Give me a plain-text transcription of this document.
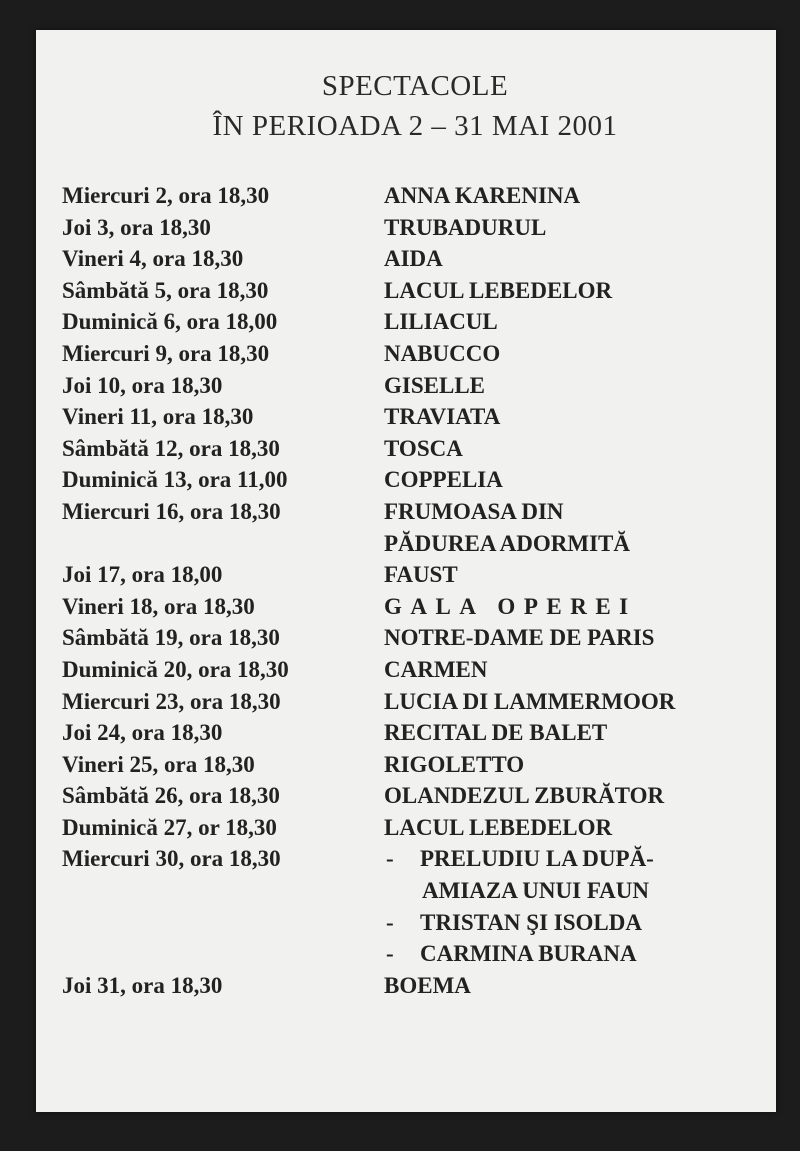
SPECTACOLE
ÎN PERIOADA 2 – 31 MAI 2001
Miercuri 2, ora 18,30
Joi 3, ora 18,30
Vineri 4, ora 18,30
Sâmbătă 5, ora 18,30
Duminică 6, ora 18,00
Miercuri 9, ora 18,30
Joi 10, ora 18,30
Vineri 11, ora 18,30
Sâmbătă 12, ora 18,30
Duminică 13, ora 11,00
Miercuri 16, ora 18,30
Joi 17, ora 18,00
Vineri 18, ora 18,30
Sâmbătă 19, ora 18,30
Duminică 20, ora 18,30
Miercuri 23, ora 18,30
Joi 24, ora 18,30
Vineri 25, ora 18,30
Sâmbătă 26, ora 18,30
Duminică 27, or 18,30
Miercuri 30, ora 18,30
Joi 31, ora 18,30
ANNA KARENINA
TRUBADURUL
AIDA
LACUL LEBEDELOR
LILIACUL
NABUCCO
GISELLE
TRAVIATA
TOSCA
COPPELIA
FRUMOASA DIN
PĂDUREA ADORMITĂ
FAUST
GALA OPEREI
NOTRE-DAME DE PARIS
CARMEN
LUCIA DI LAMMERMOOR
RECITAL DE BALET
RIGOLETTO
OLANDEZUL ZBURĂTOR
LACUL LEBEDELOR
- PRELUDIU LA DUPĂ-
AMIAZA UNUI FAUN
- TRISTAN ŞI ISOLDA
- CARMINA BURANA
BOEMA
